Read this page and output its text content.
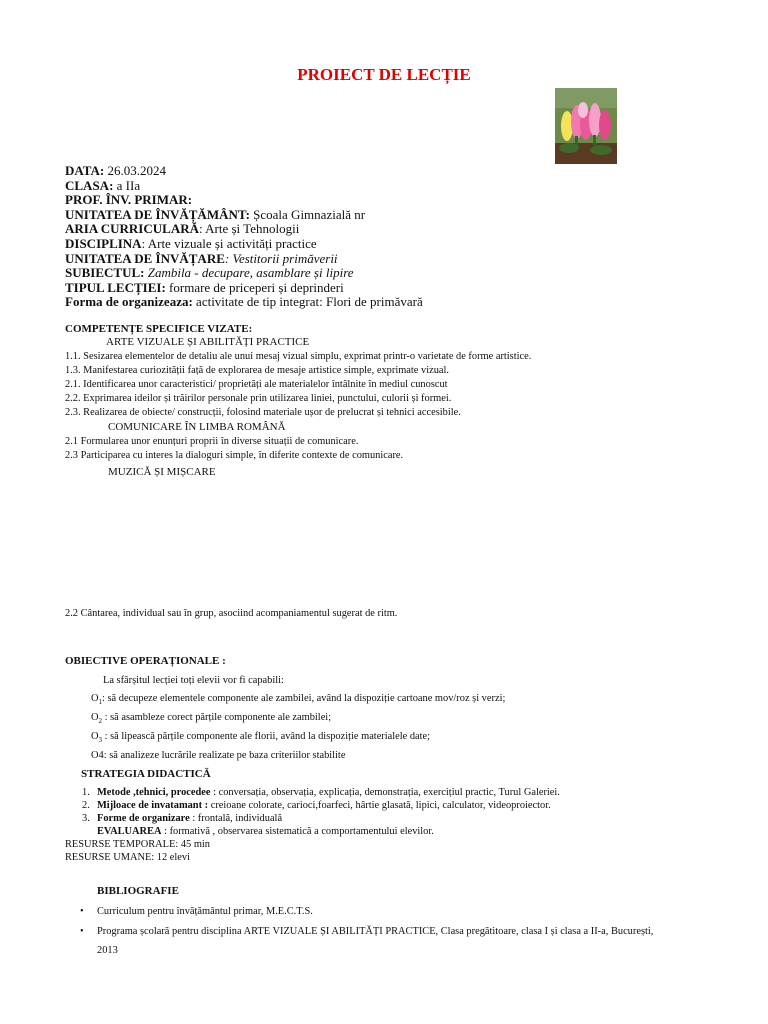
PROIECT DE LECȚIE
DATA: 26.03.2024
CLASA: a IIa
PROF. ÎNV. PRIMAR:
UNITATEA DE ÎNVĂȚĂMÂNT: Școala Gimnazială nr
ARIA CURRICULARĂ: Arte și Tehnologii
DISCIPLINA: Arte vizuale și activități practice
UNITATEA DE ÎNVĂȚARE: Vestitorii primăverii
SUBIECTUL: Zambila - decupare, asamblare și lipire
TIPUL LECȚIEI: formare de priceperi și deprinderi
Forma de organizeaza: activitate de tip integrat: Flori de primăvară
COMPETENȚE SPECIFICE VIZATE:
ARTE VIZUALE ȘI ABILITĂȚI PRACTICE
1.1. Sesizarea elementelor de detaliu ale unui mesaj vizual simplu, exprimat printr-o varietate de forme artistice.
1.3. Manifestarea curiozității față de explorarea de mesaje artistice simple, exprimate vizual.
2.1. Identificarea unor caracteristici/ proprietăți ale materialelor întâlnite în mediul cunoscut
2.2. Exprimarea ideilor și trăirilor personale prin utilizarea liniei, punctului, culorii și formei.
2.3. Realizarea de obiecte/ construcții, folosind materiale ușor de prelucrat și tehnici accesibile.
COMUNICARE ÎN LIMBA ROMÂNĂ
2.1 Formularea unor enunțuri proprii în diverse situații de comunicare.
2.3 Participarea cu interes la dialoguri simple, în diferite contexte de comunicare.
MUZICĂ ȘI MIȘCARE
2.2 Cântarea, individual sau în grup, asociind acompaniamentul sugerat de ritm.
OBIECTIVE OPERAȚIONALE :
La sfârșitul lecției toți elevii vor fi capabili:
$O_1$: să decupeze elementele componente ale zambilei, având la dispoziție cartoane mov/roz și verzi;
$O_2$ : să asambleze corect părțile componente ale zambilei;
$O_3$ : să lipească părțile componente ale florii, având la dispoziție materialele date;
O4: să analizeze lucrările realizate pe baza criteriilor stabilite
STRATEGIA DIDACTICĂ
1. Metode ,tehnici, procedee : conversația, observația, explicația, demonstrația, exercițiul practic, Turul Galeriei.
2. Mijloace de invatamant : creioane colorate, carioci,foarfeci, hârtie glasată, lipici, calculator, videoproiector.
3. Forme de organizare : frontală, individuală
EVALUAREA : formativă , observarea sistematică a comportamentului elevilor.
RESURSE TEMPORALE: 45 min
RESURSE UMANE: 12 elevi
BIBLIOGRAFIE
• Curriculum pentru învățământul primar, M.E.C.T.S.
• Programa școlară pentru disciplina ARTE VIZUALE ȘI ABILITĂȚI PRACTICE, Clasa pregătitoare, clasa I și clasa a II-a, București,
2013
